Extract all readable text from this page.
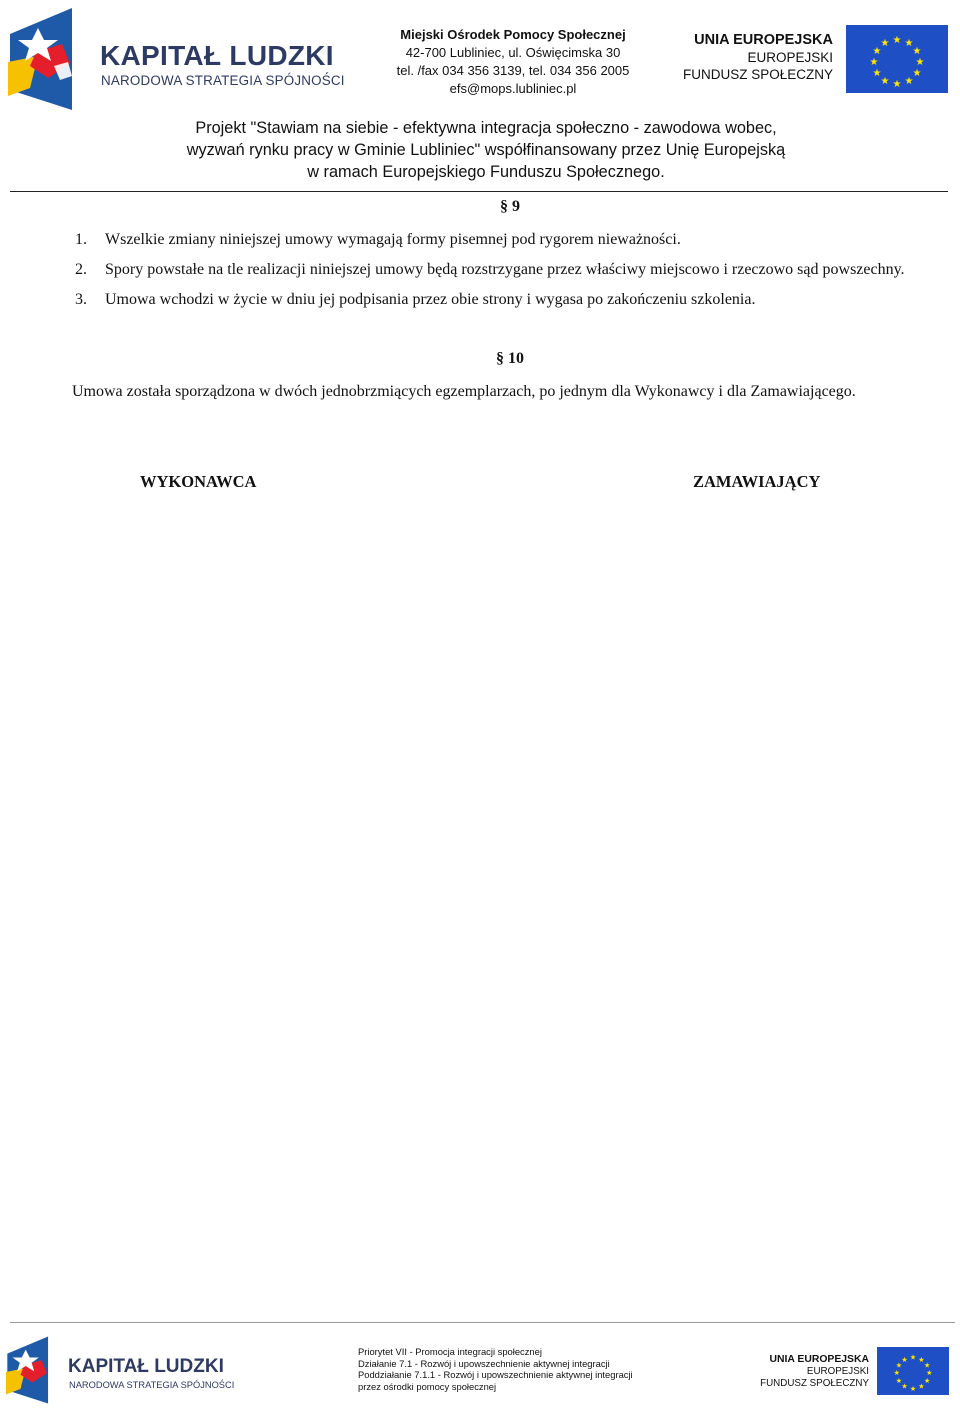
KAPITAŁ LUDZKI
NARODOWA STRATEGIA SPÓJNOŚCI
Miejski Ośrodek Pomocy Społecznej
42-700 Lubliniec, ul. Oświęcimska 30
tel. /fax 034 356 3139, tel. 034 356 2005
efs@mops.lubliniec.pl
UNIA EUROPEJSKA
EUROPEJSKI
FUNDUSZ SPOŁECZNY
★ ★
★
★
★
★
★
★
★
★
★
★
Projekt "Stawiam na siebie - efektywna integracja społeczno - zawodowa wobec,
wyzwań rynku pracy w Gminie Lubliniec" współfinansowany przez Unię Europejską
w ramach Europejskiego Funduszu Społecznego.
§ 9
1. Wszelkie zmiany niniejszej umowy wymagają formy pisemnej pod rygorem nieważności.
2. Spory powstałe na tle realizacji niniejszej umowy będą rozstrzygane przez właściwy miejscowo i rzeczowo sąd powszechny.
3. Umowa wchodzi w życie w dniu jej podpisania przez obie strony i wygasa po zakończeniu szkolenia.
§ 10
Umowa została sporządzona w dwóch jednobrzmiących egzemplarzach, po jednym dla Wykonawcy i dla Zamawiającego.
WYKONAWCA	ZAMAWIAJĄCY
KAPITAŁ LUDZKI
NARODOWA STRATEGIA SPÓJNOŚCI
Priorytet VII - Promocja integracji społecznej
Działanie 7.1 - Rozwój i upowszechnienie aktywnej integracji
Poddziałanie 7.1.1 - Rozwój i upowszechnienie aktywnej integracji
przez ośrodki pomocy społecznej
UNIA EUROPEJSKA
EUROPEJSKI
FUNDUSZ SPOŁECZNY
★ ★
★
★
★
★
★
★
★
★
★
★
